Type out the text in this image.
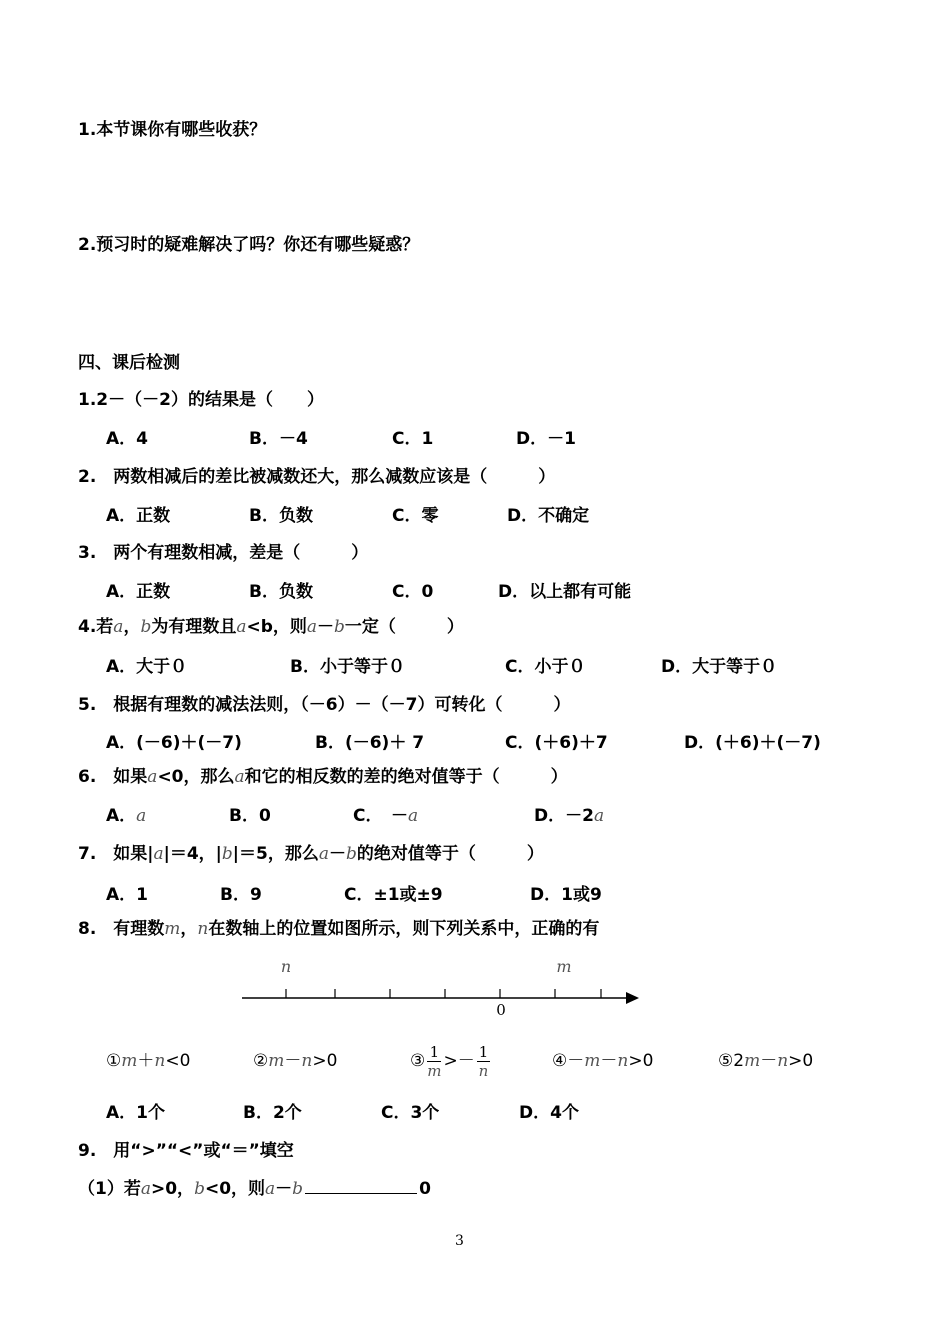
1.本节课你有哪些收获？
2.预习时的疑难解决了吗？你还有哪些疑惑？
四、课后检测
1.2－（－2）的结果是（　　）
A．4	B．－4	C．1	D．－1
2.　两数相减后的差比被减数还大，那么减数应该是（　　　）
A．正数	B．负数	C．零	D．不确定
3.　两个有理数相减，差是（　　　）
A．正数	B．负数	C．0	D．以上都有可能
4.若a，b为有理数且a<b，则a－b一定（　　　）
A．大于０	B．小于等于０	C．小于０	D．大于等于０
5.　根据有理数的减法法则，（－6）－（－7）可转化（　　　）
A．(－6)＋(－7)	B．(－6)＋ 7	C．(＋6)＋7	D．(＋6)＋(－7)
6.　如果a<0，那么a和它的相反数的差的绝对值等于（　　　）
A．a	B．0	C．　－a	D．－2a
7.　如果|a|＝4，|b|＝5，那么a－b的绝对值等于（　　　）
A．1	B．9	C．±1或±9	D．1或9
8.　有理数m，n在数轴上的位置如图所示，则下列关系中，正确的有
n	m
0
①m＋n<0	②m－n>0	③ $\frac{1}{m} >- \frac{1}{n}$	④－m－n>0	⑤2m－n>0
A．1个	B．2个	C．3个	D．4个
9.　用“>”“<”或“＝”填空
（1）若a>0，b<0，则a－b	0
3
